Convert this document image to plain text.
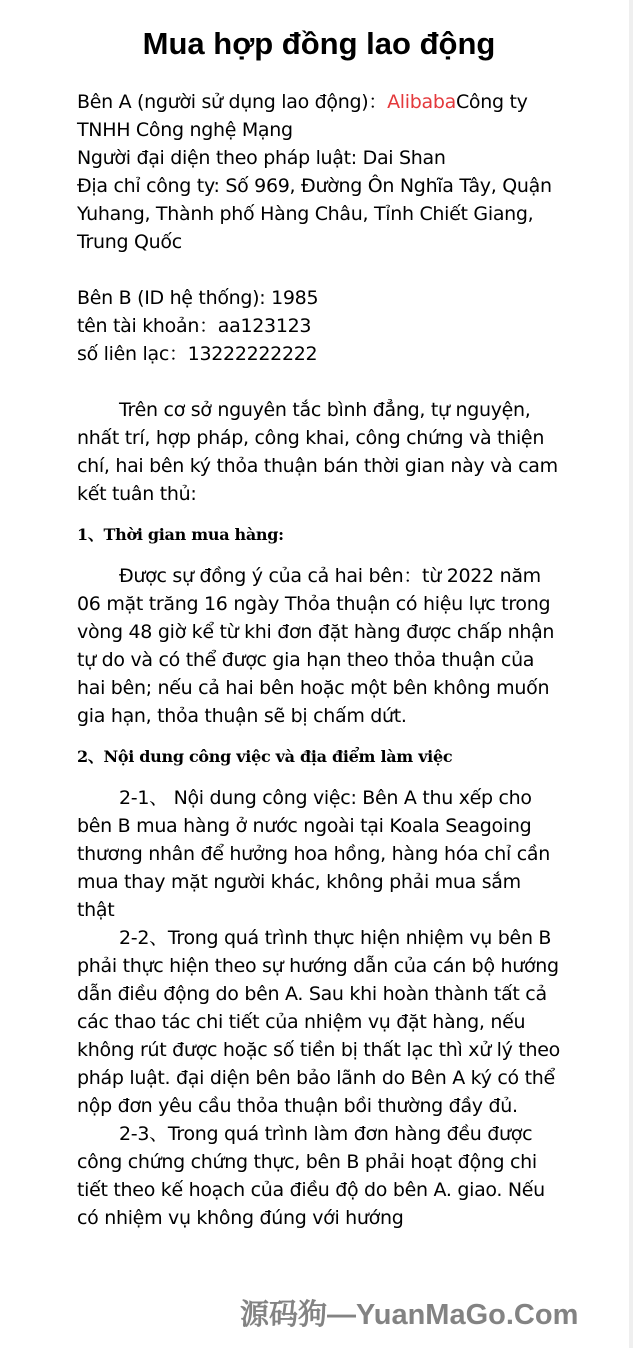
Mua hợp đồng lao động

Bên A (người sử dụng lao động)：AlibabaCông ty TNHH Công nghệ Mạng

Người đại diện theo pháp luật: Dai Shan

Địa chỉ công ty: Số 969, Đường Ôn Nghĩa Tây, Quận Yuhang, Thành phố Hàng Châu, Tỉnh Chiết Giang, Trung Quốc

Bên B (ID hệ thống): 1985

tên tài khoản：aa123123

số liên lạc：13222222222

Trên cơ sở nguyên tắc bình đẳng, tự nguyện, nhất trí, hợp pháp, công khai, công chứng và thiện chí, hai bên ký thỏa thuận bán thời gian này và cam kết tuân thủ:

1、Thời gian mua hàng:

Được sự đồng ý của cả hai bên：từ 2022 năm 06 mặt trăng 16 ngày Thỏa thuận có hiệu lực trong vòng 48 giờ kể từ khi đơn đặt hàng được chấp nhận tự do và có thể được gia hạn theo thỏa thuận của hai bên; nếu cả hai bên hoặc một bên không muốn gia hạn, thỏa thuận sẽ bị chấm dứt.

2、Nội dung công việc và địa điểm làm việc

2-1、 Nội dung công việc: Bên A thu xếp cho bên B mua hàng ở nước ngoài tại Koala Seagoing thương nhân để hưởng hoa hồng, hàng hóa chỉ cần mua thay mặt người khác, không phải mua sắm thật

2-2、Trong quá trình thực hiện nhiệm vụ bên B phải thực hiện theo sự hướng dẫn của cán bộ hướng dẫn điều động do bên A. Sau khi hoàn thành tất cả các thao tác chi tiết của nhiệm vụ đặt hàng, nếu không rút được hoặc số tiền bị thất lạc thì xử lý theo pháp luật. đại diện bên bảo lãnh do Bên A ký có thể nộp đơn yêu cầu thỏa thuận bồi thường đầy đủ.

2-3、Trong quá trình làm đơn hàng đều được công chứng chứng thực, bên B phải hoạt động chi tiết theo kế hoạch của điều độ do bên A. giao. Nếu có nhiệm vụ không đúng với hướng

源码狗—YuanMaGo.Com
